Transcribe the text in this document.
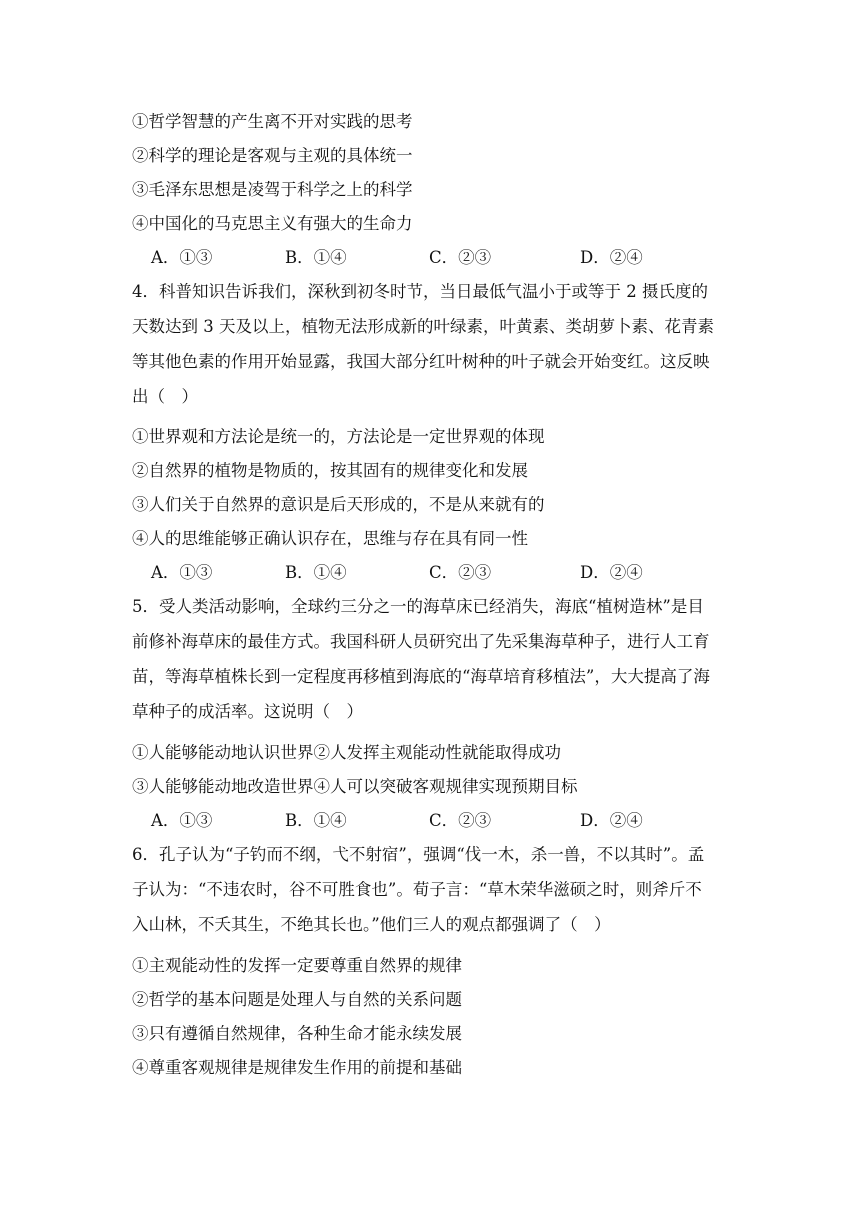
①哲学智慧的产生离不开对实践的思考
②科学的理论是客观与主观的具体统一
③毛泽东思想是凌驾于科学之上的科学
④中国化的马克思主义有强大的生命力
A．①③	B．①④	C．②③	D．②④
4．科普知识告诉我们，深秋到初冬时节，当日最低气温小于或等于 2 摄氏度的
天数达到 3 天及以上，植物无法形成新的叶绿素，叶黄素、类胡萝卜素、花青素
等其他色素的作用开始显露，我国大部分红叶树种的叶子就会开始变红。这反映
出（　）
①世界观和方法论是统一的，方法论是一定世界观的体现
②自然界的植物是物质的，按其固有的规律变化和发展
③人们关于自然界的意识是后天形成的，不是从来就有的
④人的思维能够正确认识存在，思维与存在具有同一性
A．①③	B．①④	C．②③	D．②④
5．受人类活动影响，全球约三分之一的海草床已经消失，海底“植树造林”是目
前修补海草床的最佳方式。我国科研人员研究出了先采集海草种子，进行人工育
苗，等海草植株长到一定程度再移植到海底的“海草培育移植法”，大大提高了海
草种子的成活率。这说明（　）
①人能够能动地认识世界②人发挥主观能动性就能取得成功
③人能够能动地改造世界④人可以突破客观规律实现预期目标
A．①③	B．①④	C．②③	D．②④
6．孔子认为“子钓而不纲，弋不射宿”，强调“伐一木，杀一兽，不以其时”。孟
子认为：“不违农时，谷不可胜食也”。荀子言：“草木荣华滋硕之时，则斧斤不
入山林，不夭其生，不绝其长也。”他们三人的观点都强调了（　）
①主观能动性的发挥一定要尊重自然界的规律
②哲学的基本问题是处理人与自然的关系问题
③只有遵循自然规律，各种生命才能永续发展
④尊重客观规律是规律发生作用的前提和基础
